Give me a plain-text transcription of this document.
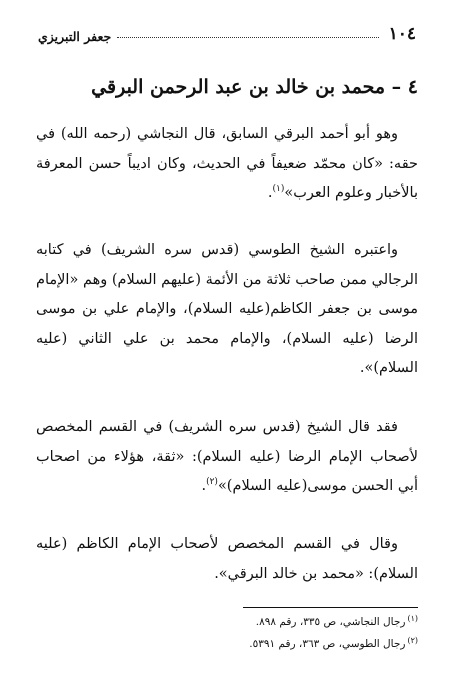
١٠٤
جعفر التبريزي
٤ – محمد بن خالد بن عبد الرحمن البرقي

وهو أبو أحمد البرقي السابق، قال النجاشي (رحمه الله) في حقه: «كان محمّد ضعيفاً في الحديث، وكان اديباً حسن المعرفة بالأخبار وعلوم العرب»$^{(١)}$.

واعتبره الشيخ الطوسي (قدس سره الشريف) في كتابه الرجالي ممن صاحب ثلاثة من الأئمة (عليهم السلام) وهم «الإمام موسى بن جعفر الكاظم(عليه السلام)، والإمام علي بن موسى الرضا (عليه السلام)، والإمام محمد بن علي الثاني (عليه السلام)».

فقد قال الشيخ (قدس سره الشريف) في القسم المخصص لأصحاب الإمام الرضا (عليه السلام): «ثقة، هؤلاء من اصحاب أبي الحسن موسى(عليه السلام)»$^{(٢)}$.

وقال في القسم المخصص لأصحاب الإمام الكاظم (عليه السلام): «محمد بن خالد البرقي».

$^{(١)}$رجال النجاشي، ص ٣٣٥، رقم ٨٩٨.
$^{(٢)}$رجال الطوسي، ص ٣٦٣، رقم ٥٣٩١.
